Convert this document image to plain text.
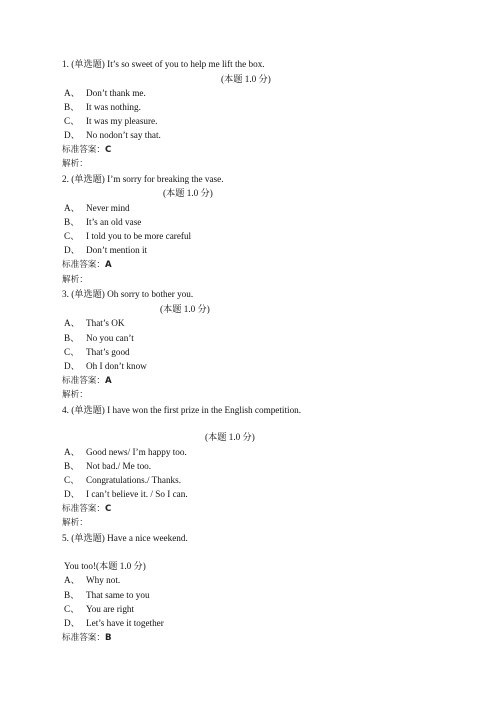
1. (单选题) It’s so sweet of you to help me lift the box.
(本题 1.0 分)
A、 Don’t thank me.
B、 It was nothing.
C、 It was my pleasure.
D、 No nodon’t say that.
标准答案：C
解析：
2. (单选题) I’m sorry for breaking the vase.
(本题 1.0 分)
A、 Never mind
B、 It’s an old vase
C、 I told you to be more careful
D、 Don’t mention it
标准答案：A
解析：
3. (单选题) Oh sorry to bother you.
(本题 1.0 分)
A、 That’s OK
B、 No you can’t
C、 That’s good
D、 Oh I don’t know
标准答案：A
解析：
4. (单选题) I have won the first prize in the English competition.
(本题 1.0 分)
A、 Good news/ I’m happy too.
B、 Not bad./ Me too.
C、 Congratulations./ Thanks.
D、 I can’t believe it. / So I can.
标准答案：C
解析：
5. (单选题) Have a nice weekend.
You too!(本题 1.0 分)
A、 Why not.
B、 That same to you
C、 You are right
D、 Let’s have it together
标准答案：B
